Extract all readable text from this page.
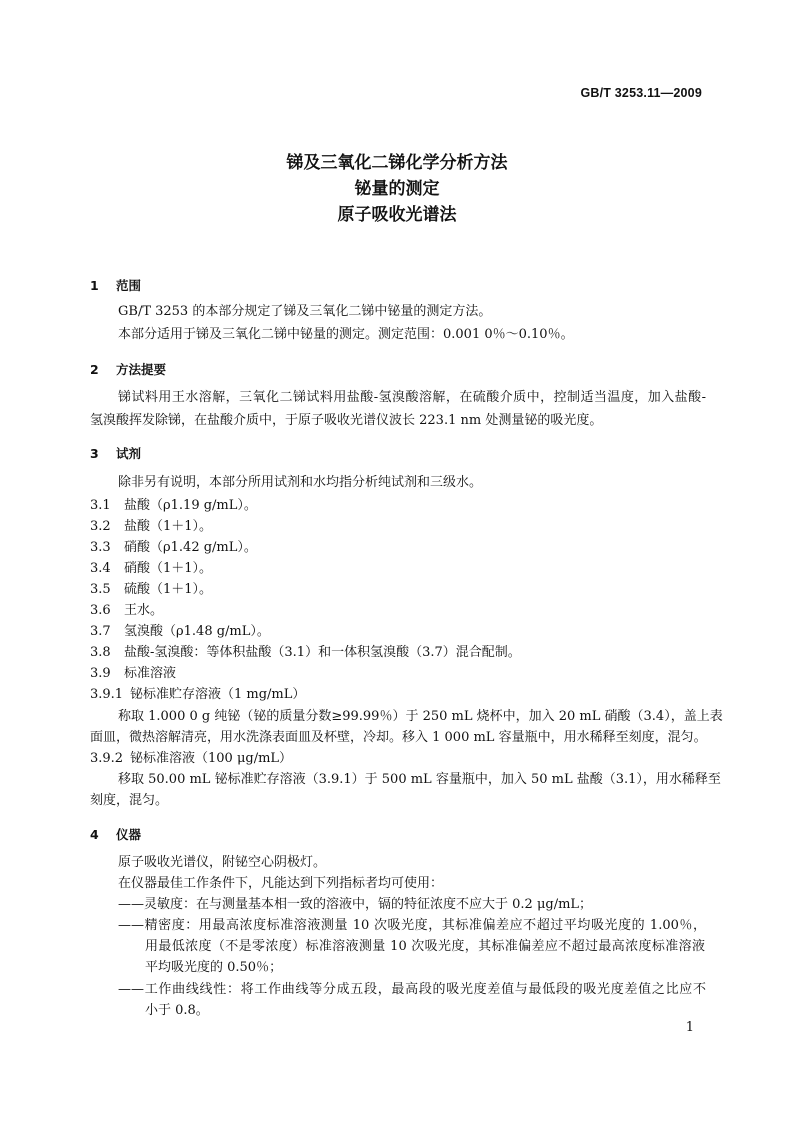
GB/T 3253.11—2009
锑及三氧化二锑化学分析方法
铋量的测定
原子吸收光谱法
1 范围
GB/T 3253 的本部分规定了锑及三氧化二锑中铋量的测定方法。
本部分适用于锑及三氧化二锑中铋量的测定。测定范围：0.001 0％～0.10％。
2 方法提要
锑试料用王水溶解，三氧化二锑试料用盐酸-氢溴酸溶解，在硫酸介质中，控制适当温度，加入盐酸-
氢溴酸挥发除锑，在盐酸介质中，于原子吸收光谱仪波长 223.1 nm 处测量铋的吸光度。
3 试剂
除非另有说明，本部分所用试剂和水均指分析纯试剂和三级水。
3.1 盐酸（ρ1.19 g/mL）。
3.2 盐酸（1＋1）。
3.3 硝酸（ρ1.42 g/mL）。
3.4 硝酸（1＋1）。
3.5 硫酸（1＋1）。
3.6 王水。
3.7 氢溴酸（ρ1.48 g/mL）。
3.8 盐酸-氢溴酸：等体积盐酸（3.1）和一体积氢溴酸（3.7）混合配制。
3.9 标准溶液
3.9.1 铋标准贮存溶液（1 mg/mL）
称取 1.000 0 g 纯铋（铋的质量分数≥99.99％）于 250 mL 烧杯中，加入 20 mL 硝酸（3.4），盖上表
面皿，微热溶解清亮，用水洗涤表面皿及杯壁，冷却。移入 1 000 mL 容量瓶中，用水稀释至刻度，混匀。
3.9.2 铋标准溶液（100 μg/mL）
移取 50.00 mL 铋标准贮存溶液（3.9.1）于 500 mL 容量瓶中，加入 50 mL 盐酸（3.1），用水稀释至
刻度，混匀。
4 仪器
原子吸收光谱仪，附铋空心阴极灯。
在仪器最佳工作条件下，凡能达到下列指标者均可使用：
——灵敏度：在与测量基本相一致的溶液中，镉的特征浓度不应大于 0.2 μg/mL；
——精密度：用最高浓度标准溶液测量 10 次吸光度，其标准偏差应不超过平均吸光度的 1.00％，
用最低浓度（不是零浓度）标准溶液测量 10 次吸光度，其标准偏差应不超过最高浓度标准溶液
平均吸光度的 0.50％；
——工作曲线线性：将工作曲线等分成五段，最高段的吸光度差值与最低段的吸光度差值之比应不
小于 0.8。
1
